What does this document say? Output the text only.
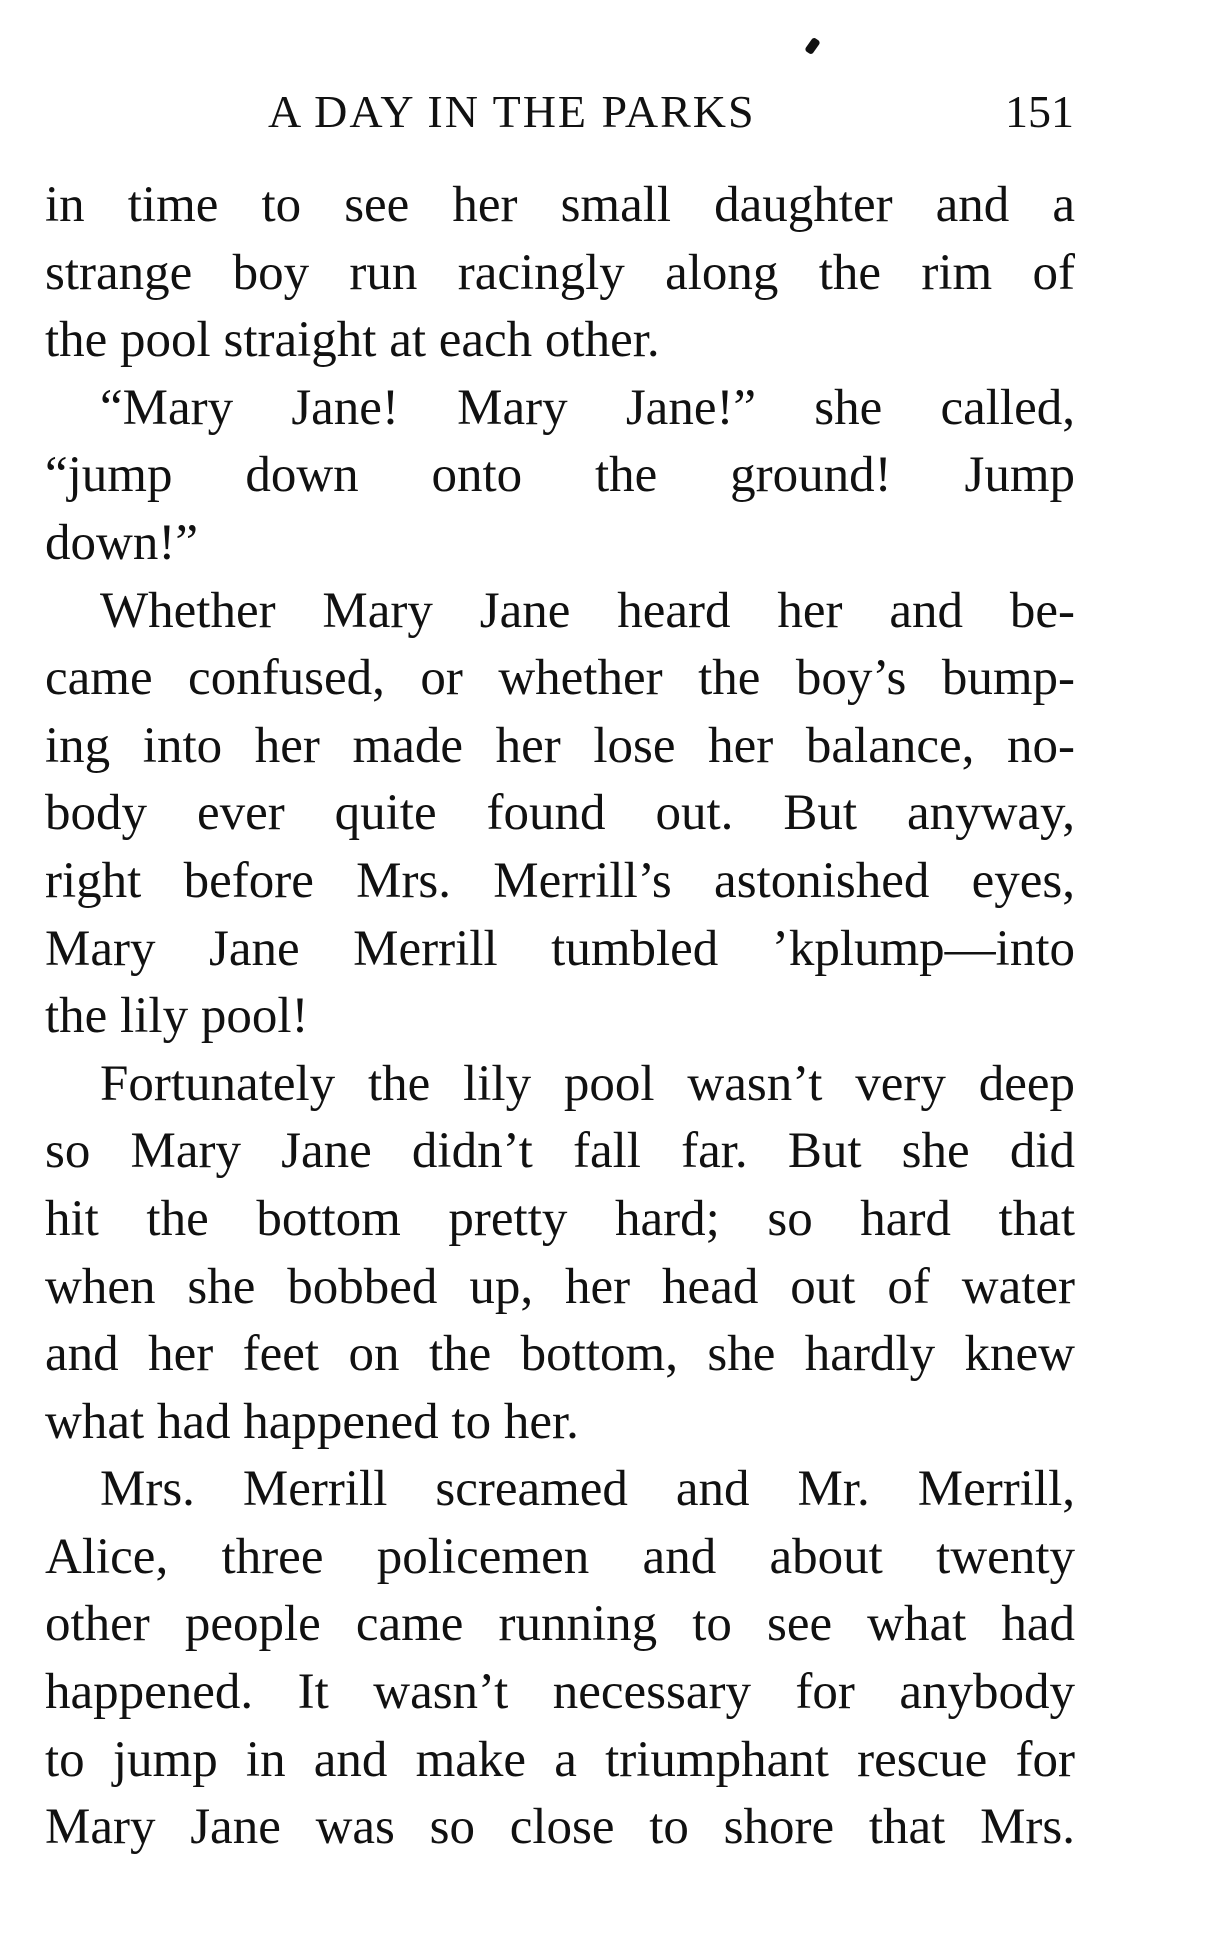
A DAY IN THE PARKS	151
in time to see her small daughter and a
strange boy run racingly along the rim of
the pool straight at each other.
“Mary Jane! Mary Jane!” she called,
“jump down onto the ground! Jump
down!”
Whether Mary Jane heard her and be-
came confused, or whether the boy’s bump-
ing into her made her lose her balance, no-
body ever quite found out. But anyway,
right before Mrs. Merrill’s astonished eyes,
Mary Jane Merrill tumbled ’kplump—into
the lily pool!
Fortunately the lily pool wasn’t very deep
so Mary Jane didn’t fall far. But she did
hit the bottom pretty hard; so hard that
when she bobbed up, her head out of water
and her feet on the bottom, she hardly knew
what had happened to her.
Mrs. Merrill screamed and Mr. Merrill,
Alice, three policemen and about twenty
other people came running to see what had
happened. It wasn’t necessary for anybody
to jump in and make a triumphant rescue for
Mary Jane was so close to shore that Mrs.
